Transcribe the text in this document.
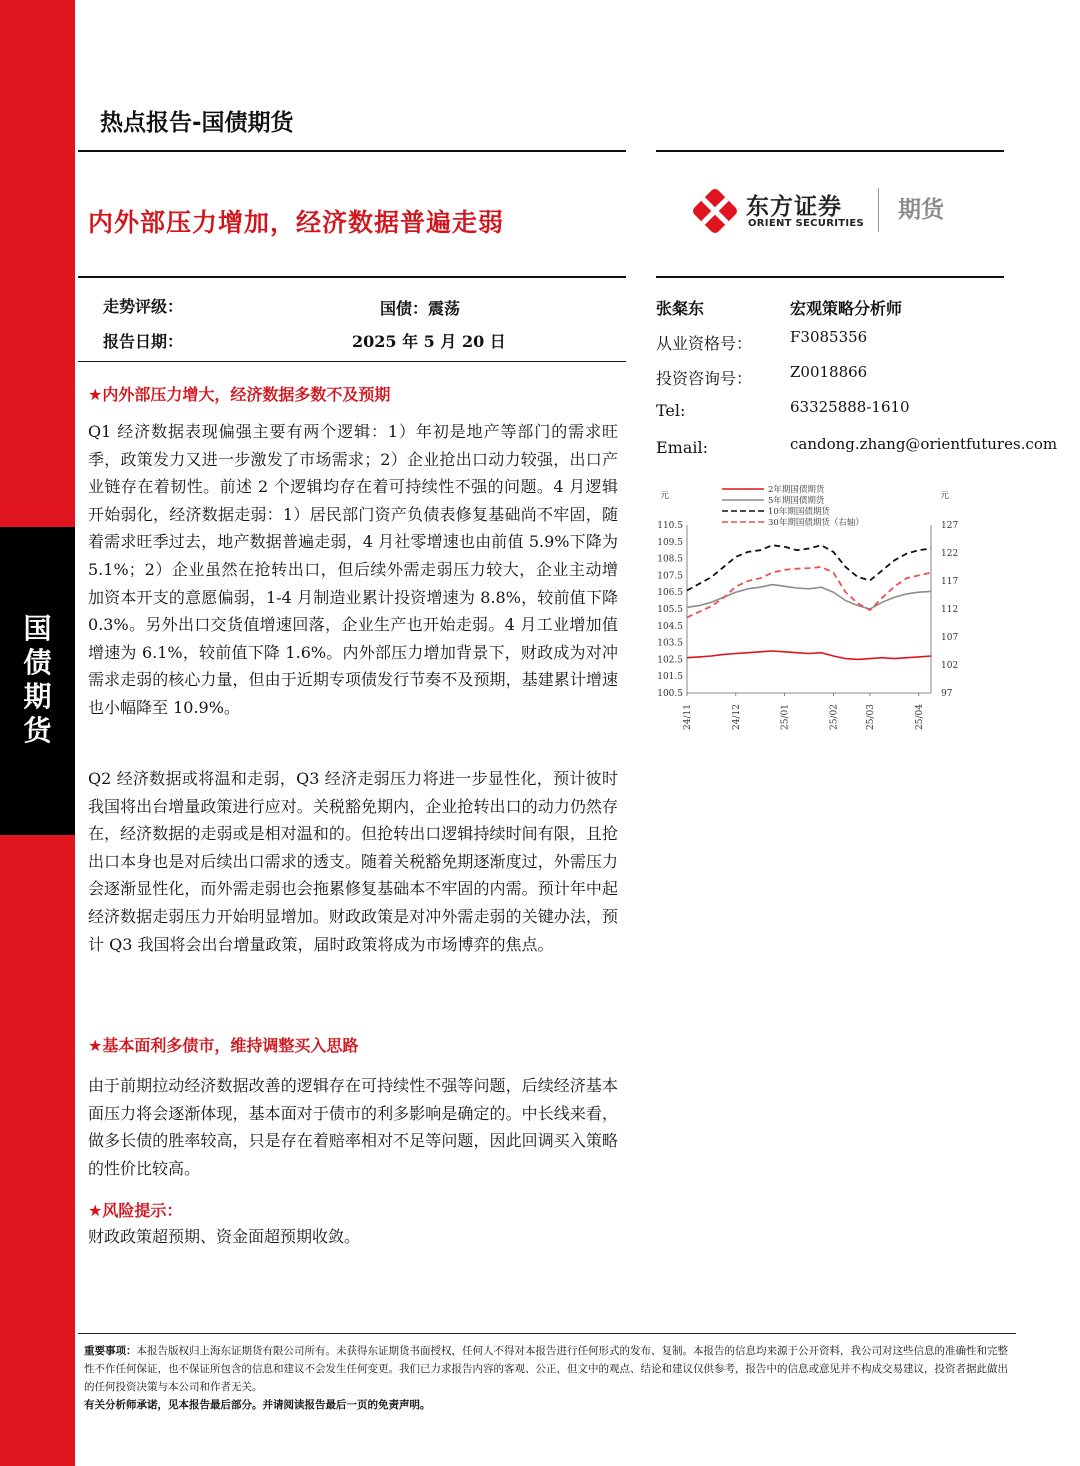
国
债
期
货
热点报告-国债期货
内外部压力增加，经济数据普遍走弱
东方证券
ORIENT SECURITIES
期货
走势评级：	国债：震荡
报告日期：	2025 年 5 月 20 日
张粲东	宏观策略分析师
从业资格号：	F3085356
投资咨询号：	Z0018866
Tel:	63325888-1610
Email:	candong.zhang@orientfutures.com
★内外部压力增大，经济数据多数不及预期
Q1 经济数据表现偏强主要有两个逻辑：1）年初是地产等部门的需求旺季，政策发力又进一步激发了市场需求；2）企业抢出口动力较强，出口产业链存在着韧性。前述 2 个逻辑均存在着可持续性不强的问题。4 月逻辑开始弱化，经济数据走弱：1）居民部门资产负债表修复基础尚不牢固，随着需求旺季过去，地产数据普遍走弱，4 月社零增速也由前值 5.9%下降为 5.1%；2）企业虽然在抢转出口，但后续外需走弱压力较大，企业主动增加资本开支的意愿偏弱，1-4 月制造业累计投资增速为 8.8%，较前值下降 0.3%。另外出口交货值增速回落，企业生产也开始走弱。4 月工业增加值增速为 6.1%，较前值下降 1.6%。内外部压力增加背景下，财政成为对冲需求走弱的核心力量，但由于近期专项债发行节奏不及预期，基建累计增速也小幅降至 10.9%。
Q2 经济数据或将温和走弱，Q3 经济走弱压力将进一步显性化，预计彼时我国将出台增量政策进行应对。关税豁免期内，企业抢转出口的动力仍然存在，经济数据的走弱或是相对温和的。但抢转出口逻辑持续时间有限，且抢出口本身也是对后续出口需求的透支。随着关税豁免期逐渐度过，外需压力会逐渐显性化，而外需走弱也会拖累修复基础本不牢固的内需。预计年中起经济数据走弱压力开始明显增加。财政政策是对冲外需走弱的关键办法，预计 Q3 我国将会出台增量政策，届时政策将成为市场博弈的焦点。
★基本面利多债市，维持调整买入思路
由于前期拉动经济数据改善的逻辑存在可持续性不强等问题，后续经济基本面压力将会逐渐体现，基本面对于债市的利多影响是确定的。中长线来看，做多长债的胜率较高，只是存在着赔率相对不足等问题，因此回调买入策略的性价比较高。
★风险提示：
财政政策超预期、资金面超预期收敛。
元	元
110.5
109.5
108.5
107.5
106.5
105.5
104.5
103.5
102.5
101.5
100.5
127
122
117
112
107
102
97
24/11	24/12	25/01	25/02	25/03	25/04
2年期国债期货
5年期国债期货
10年期国债期货
30年期国债期货（右轴）
重要事项：本报告版权归上海东证期货有限公司所有。未获得东证期货书面授权，任何人不得对本报告进行任何形式的发布、复制。本报告的信息均来源于公开资料，我公司对这些信息的准确性和完整性不作任何保证，也不保证所包含的信息和建议不会发生任何变更。我们已力求报告内容的客观、公正，但文中的观点、结论和建议仅供参考，报告中的信息或意见并不构成交易建议，投资者据此做出的任何投资决策与本公司和作者无关。
有关分析师承诺，见本报告最后部分。并请阅读报告最后一页的免责声明。
